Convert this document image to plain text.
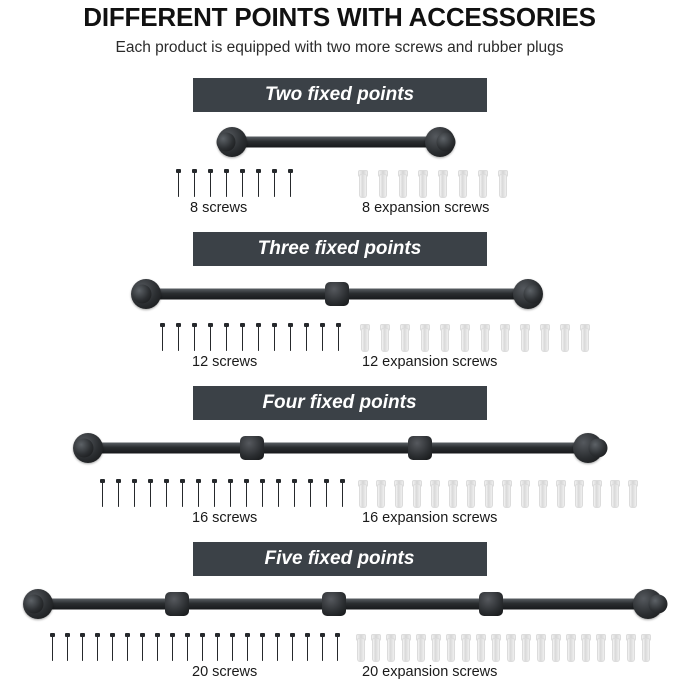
DIFFERENT POINTS WITH ACCESSORIES
Each product is equipped with two more screws and rubber plugs
Two fixed points
8 screws	8 expansion screws
Three fixed points
12 screws	12 expansion screws
Four fixed points
16 screws	16 expansion screws
Five fixed points
20 screws	20 expansion screws
